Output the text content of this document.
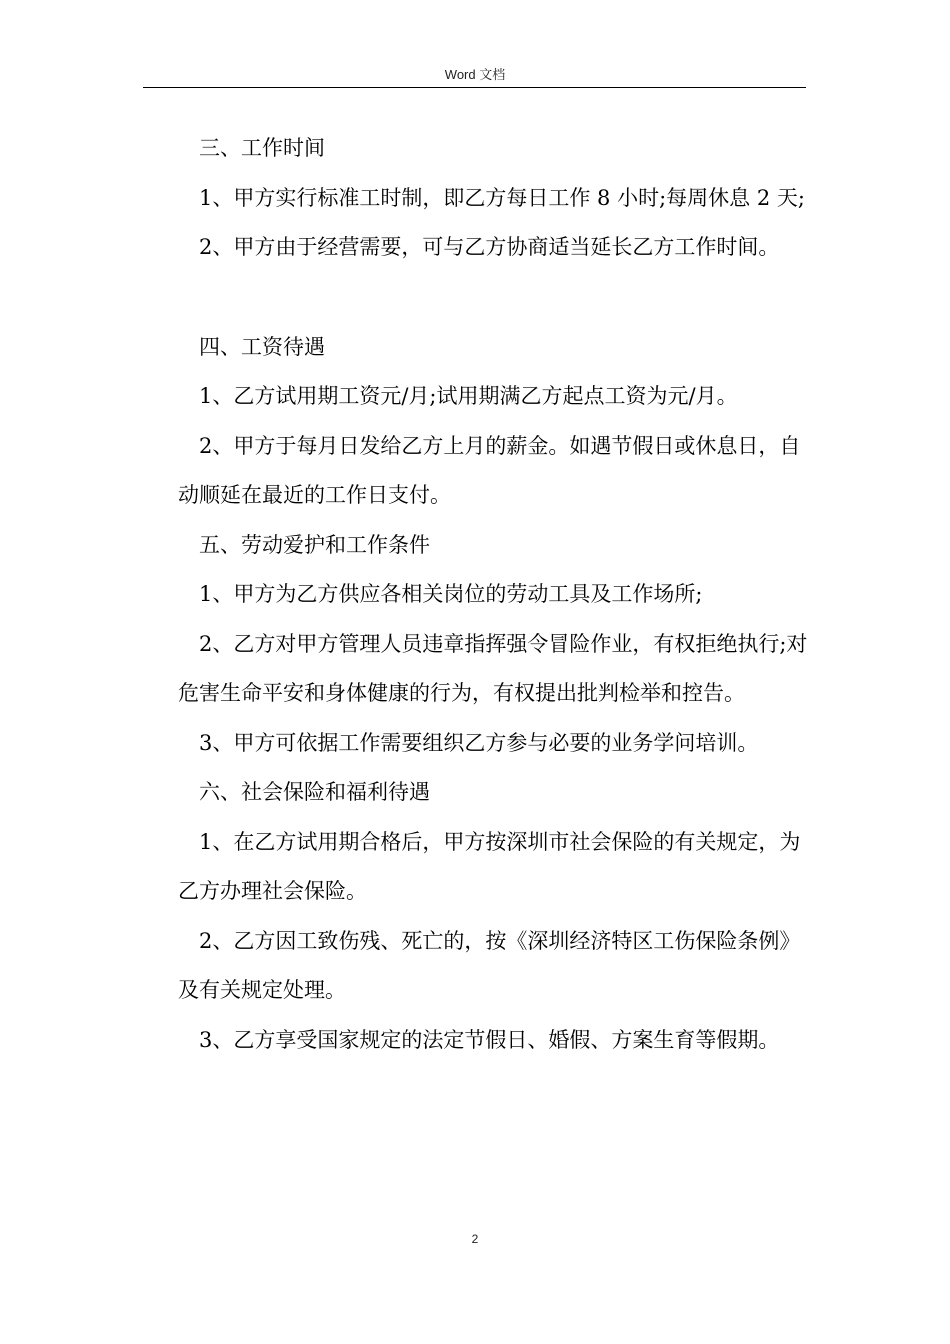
Word 文档

三、工作时间

1、甲方实行标准工时制，即乙方每日工作 8 小时;每周休息 2 天;

2、甲方由于经营需要，可与乙方协商适当延长乙方工作时间。

四、工资待遇

1、乙方试用期工资元/月;试用期满乙方起点工资为元/月。

2、甲方于每月日发给乙方上月的薪金。如遇节假日或休息日，自动顺延在最近的工作日支付。

五、劳动爱护和工作条件

1、甲方为乙方供应各相关岗位的劳动工具及工作场所;

2、乙方对甲方管理人员违章指挥强令冒险作业，有权拒绝执行;对危害生命平安和身体健康的行为，有权提出批判检举和控告。

3、甲方可依据工作需要组织乙方参与必要的业务学问培训。

六、社会保险和福利待遇

1、在乙方试用期合格后，甲方按深圳市社会保险的有关规定，为乙方办理社会保险。

2、乙方因工致伤残、死亡的，按《深圳经济特区工伤保险条例》及有关规定处理。

3、乙方享受国家规定的法定节假日、婚假、方案生育等假期。

2
